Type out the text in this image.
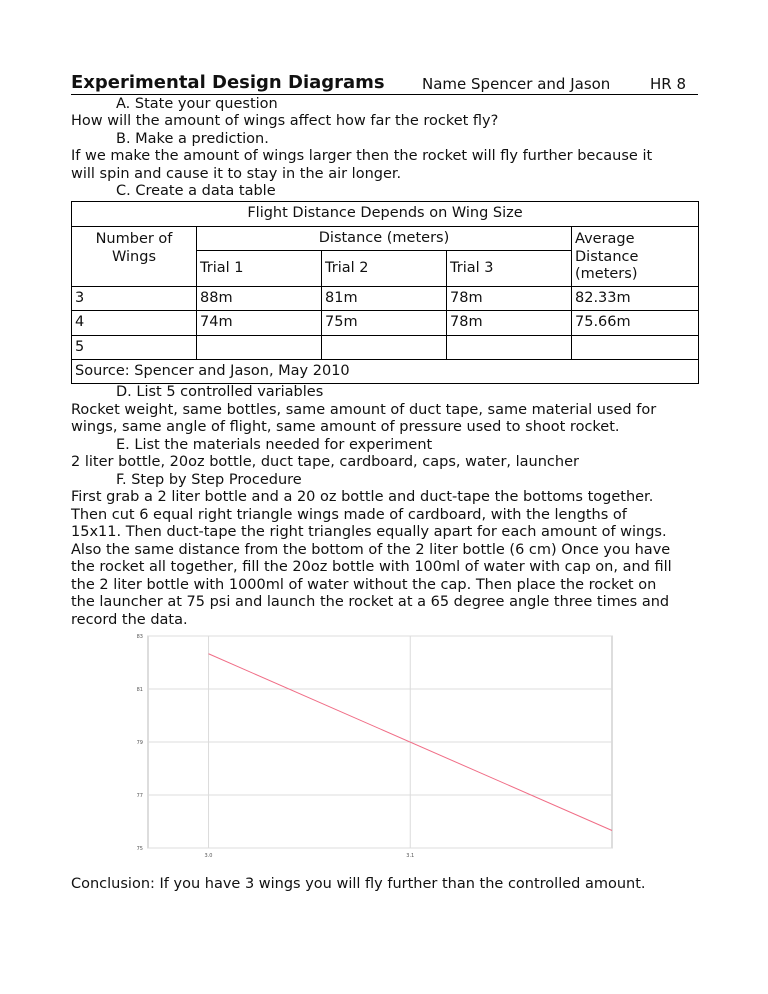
Experimental Design Diagrams Name Spencer and Jason	HR 8
A. State your question
How will the amount of wings affect how far the rocket fly?
B. Make a prediction.
If we make the amount of wings larger then the rocket will fly further because it
will spin and cause it to stay in the air longer.
C. Create a data table
Flight Distance Depends on Wing Size				
Number of Wings	Distance (meters)			Average Distance (meters)
	Trial 1	Trial 2	Trial 3	
3	88m	81m	78m	82.33m
4	74m	75m	78m	75.66m
5				
Source: Spencer and Jason, May 2010				
D. List 5 controlled variables
Rocket weight, same bottles, same amount of duct tape, same material used for
wings, same angle of flight, same amount of pressure used to shoot rocket.
E. List the materials needed for experiment
2 liter bottle, 20oz bottle, duct tape, cardboard, caps, water, launcher
F. Step by Step Procedure
First grab a 2 liter bottle and a 20 oz bottle and duct-tape the bottoms together.
Then cut 6 equal right triangle wings made of cardboard, with the lengths of
15x11. Then duct-tape the right triangles equally apart for each amount of wings.
Also the same distance from the bottom of the 2 liter bottle (6 cm) Once you have
the rocket all together, fill the 20oz bottle with 100ml of water with cap on, and fill
the 2 liter bottle with 1000ml of water without the cap. Then place the rocket on
the launcher at 75 psi and launch the rocket at a 65 degree angle three times and
record the data.
75
77
79
81
83
3.0	3.1
Conclusion: If you have 3 wings you will fly further than the controlled amount.
